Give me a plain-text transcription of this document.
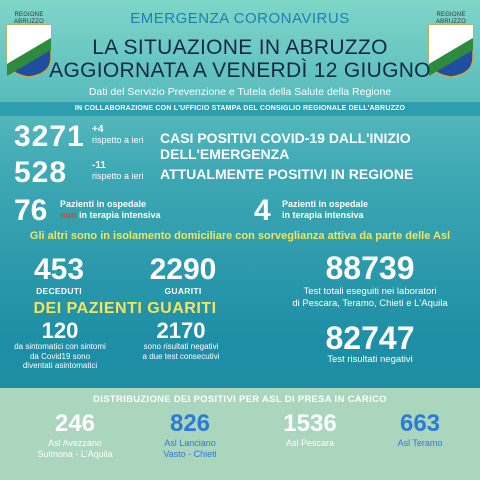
REGIONE ABRUZZO
REGIONE ABRUZZO
EMERGENZA CORONAVIRUS
LA SITUAZIONE IN ABRUZZO
AGGIORNATA A VENERDÌ 12 GIUGNO
Dati del Servizio Prevenzione e Tutela della Salute della Regione
IN COLLABORAZIONE CON L'UFFICIO STAMPA DEL CONSIGLIO REGIONALE DELL'ABRUZZO
3271 +4
rispetto a ieri CASI POSITIVI COVID-19 DALL'INIZIO DELL'EMERGENZA
528 -11
rispetto a ieri ATTUALMENTE POSITIVI IN REGIONE
76 Pazienti in ospedale
non in terapia intensiva	4 Pazienti in ospedale
in terapia intensiva
Gli altri sono in isolamento domiciliare con sorveglianza attiva da parte delle Asl
453
DECEDUTI
2290
GUARITI
88739
Test totali eseguiti nei laboratori
di Pescara, Teramo, Chieti e L'Aquila
DEI PAZIENTI GUARITI
120
da sintomatici con sintomi
da Covid19 sono
diventati asintomatici
2170
sono risultati negativi
a due test consecutivi	82747
Test risultati negativi
DISTRIBUZIONE DEI POSITIVI PER ASL DI PRESA IN CARICO
246
Asl Avezzano
Sulmona - L'Aquila
826
Asl Lanciano
Vasto - Chieti
1536
Asl Pescara
663
Asl Teramo
